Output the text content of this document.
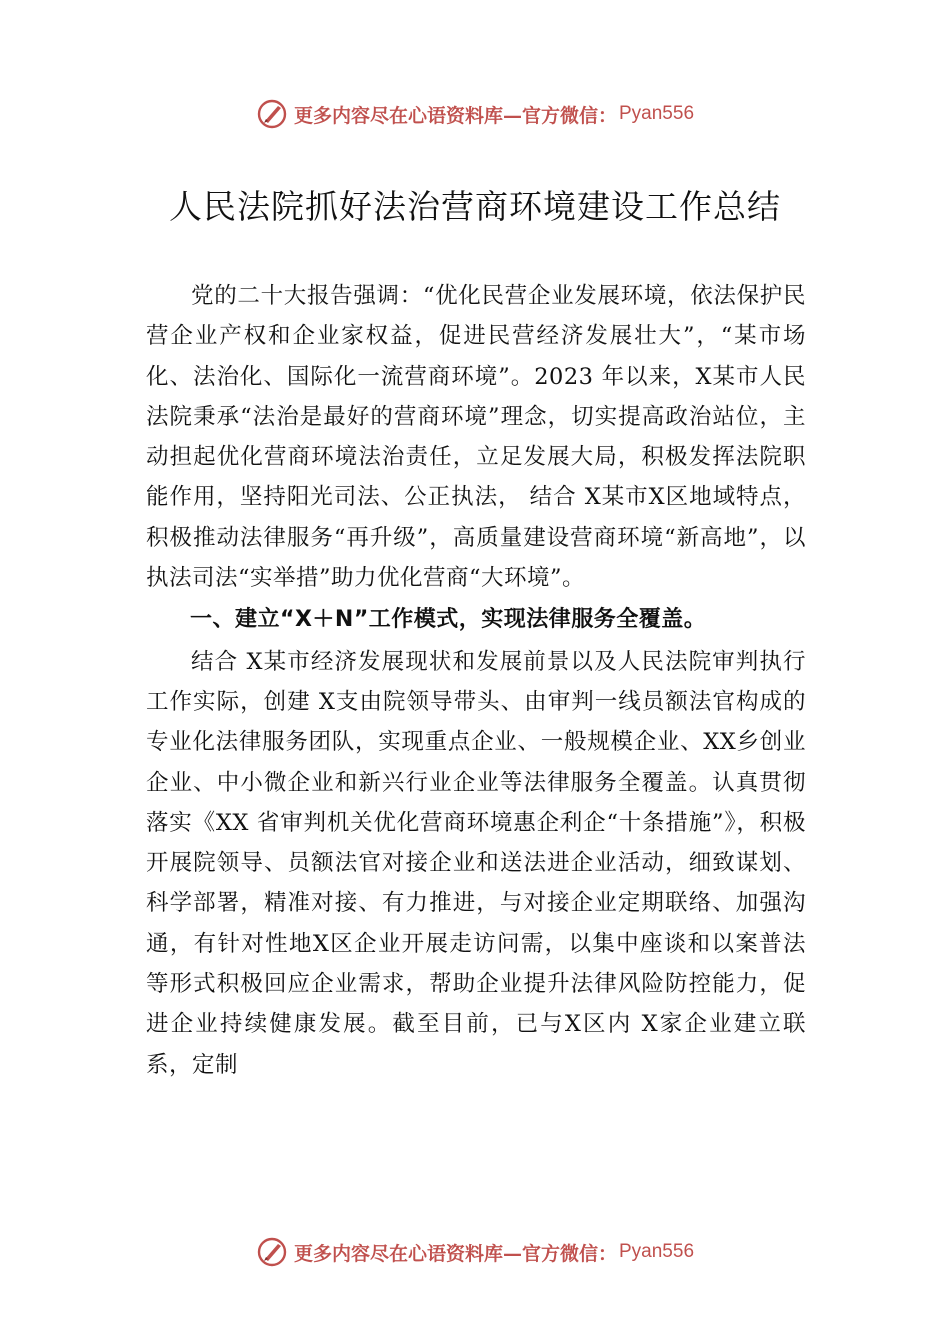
更多内容尽在心语资料库—官方微信： Pyan556
人民法院抓好法治营商环境建设工作总结

党的二十大报告强调：“优化民营企业发展环境，依法保护民营企业产权和企业家权益，促进民营经济发展壮大”，“某市场化、法治化、国际化一流营商环境”。2023 年以来，X某市人民法院秉承“法治是最好的营商环境”理念，切实提高政治站位，主动担起优化营商环境法治责任，立足发展大局，积极发挥法院职能作用，坚持阳光司法、公正执法， 结合 X某市X区地域特点，积极推动法律服务“再升级”，高质量建设营商环境“新高地”，以执法司法“实举措”助力优化营商“大环境”。

一、建立“X＋N”工作模式，实现法律服务全覆盖。

结合 X某市经济发展现状和发展前景以及人民法院审判执行工作实际，创建 X支由院领导带头、由审判一线员额法官构成的专业化法律服务团队，实现重点企业、一般规模企业、XX乡创业企业、中小微企业和新兴行业企业等法律服务全覆盖。认真贯彻落实《XX 省审判机关优化营商环境惠企利企“十条措施”》，积极开展院领导、员额法官对接企业和送法进企业活动，细致谋划、科学部署，精准对接、有力推进，与对接企业定期联络、加强沟通，有针对性地X区企业开展走访问需，以集中座谈和以案普法等形式积极回应企业需求，帮助企业提升法律风险防控能力，促进企业持续健康发展。截至目前，已与X区内 X家企业建立联系，定制

更多内容尽在心语资料库—官方微信： Pyan556
